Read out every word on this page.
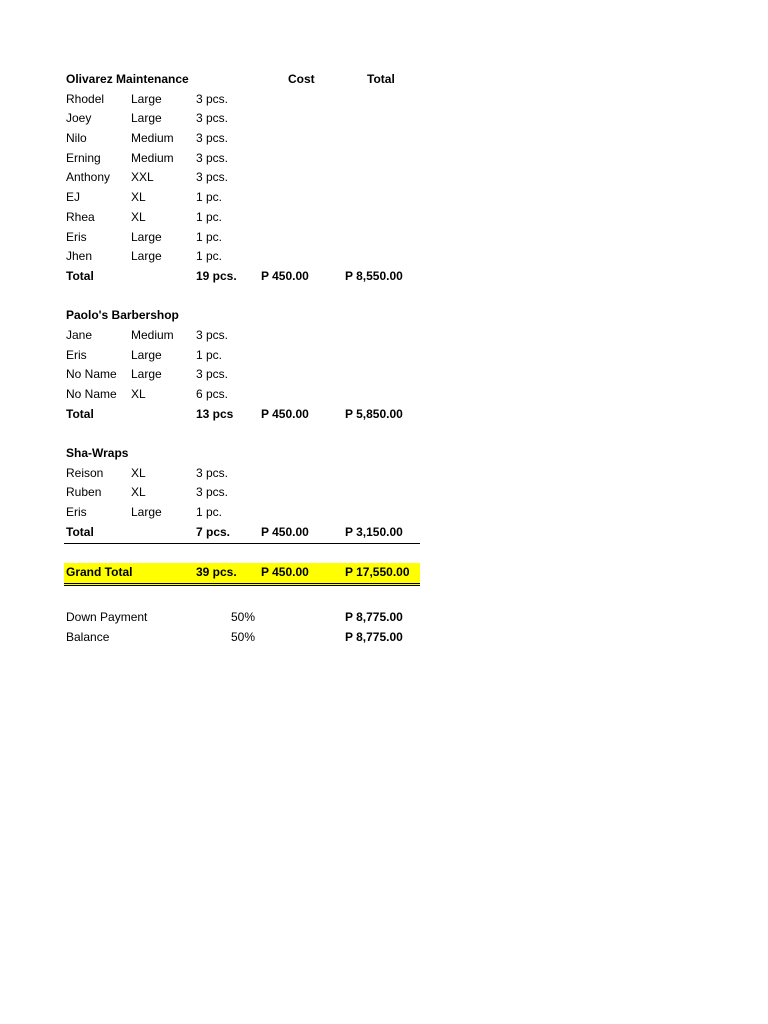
Olivarez Maintenance	Cost	Total
Rhodel Large	3 pcs.
Joey	Large	3 pcs.
Nilo	Medium 3 pcs.
Erning	Medium 3 pcs.
Anthony XXL	3 pcs.
EJ	XL	1 pc.
Rhea	XL	1 pc.
Eris	Large	1 pc.
Jhen	Large	1 pc.
Total	19 pcs. P 450.00	P 8,550.00
Paolo's Barbershop
Jane	Medium 3 pcs.
Eris	Large	1 pc.
No Name Large	3 pcs.
No Name XL	6 pcs.
Total	13 pcs P 450.00	P 5,850.00
Sha-Wraps
Reison XL	3 pcs.
Ruben XL	3 pcs.
Eris	Large	1 pc.
Total	7 pcs.	P 450.00	P 3,150.00
Grand Total	39 pcs. P 450.00	P 17,550.00
Down Payment	50%	P 8,775.00
Balance	50%	P 8,775.00
